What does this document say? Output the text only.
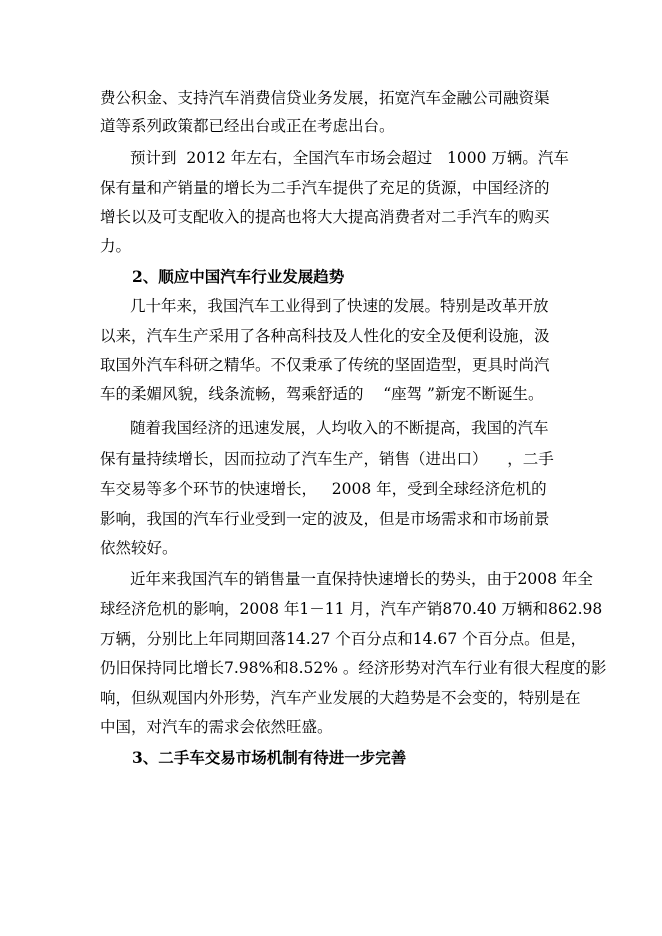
费公积金、支持汽车消费信贷业务发展，拓宽汽车金融公司融资渠
道等系列政策都已经出台或正在考虑出台。
预计到  2012 年左右，全国汽车市场会超过   1000 万辆。汽车
保有量和产销量的增长为二手汽车提供了充足的货源，中国经济的
增长以及可支配收入的提高也将大大提高消费者对二手汽车的购买
力。
2、顺应中国汽车行业发展趋势
几十年来，我国汽车工业得到了快速的发展。特别是改革开放
以来，汽车生产采用了各种高科技及人性化的安全及便利设施，汲
取国外汽车科研之精华。不仅秉承了传统的坚固造型，更具时尚汽
车的柔媚风貌，线条流畅，驾乘舒适的    “座驾 ”新宠不断诞生。
随着我国经济的迅速发展，人均收入的不断提高，我国的汽车
保有量持续增长，因而拉动了汽车生产，销售（进出口）    ，二手
车交易等多个环节的快速增长，   2008 年，受到全球经济危机的
影响，我国的汽车行业受到一定的波及，但是市场需求和市场前景
依然较好。
近年来我国汽车的销售量一直保持快速增长的势头，由于2008 年全
球经济危机的影响，2008 年1－11 月，汽车产销870.40 万辆和862.98
万辆，分别比上年同期回落14.27 个百分点和14.67 个百分点。但是，
仍旧保持同比增长7.98%和8.52% 。经济形势对汽车行业有很大程度的影
响，但纵观国内外形势，汽车产业发展的大趋势是不会变的，特别是在
中国，对汽车的需求会依然旺盛。
3、二手车交易市场机制有待进一步完善
